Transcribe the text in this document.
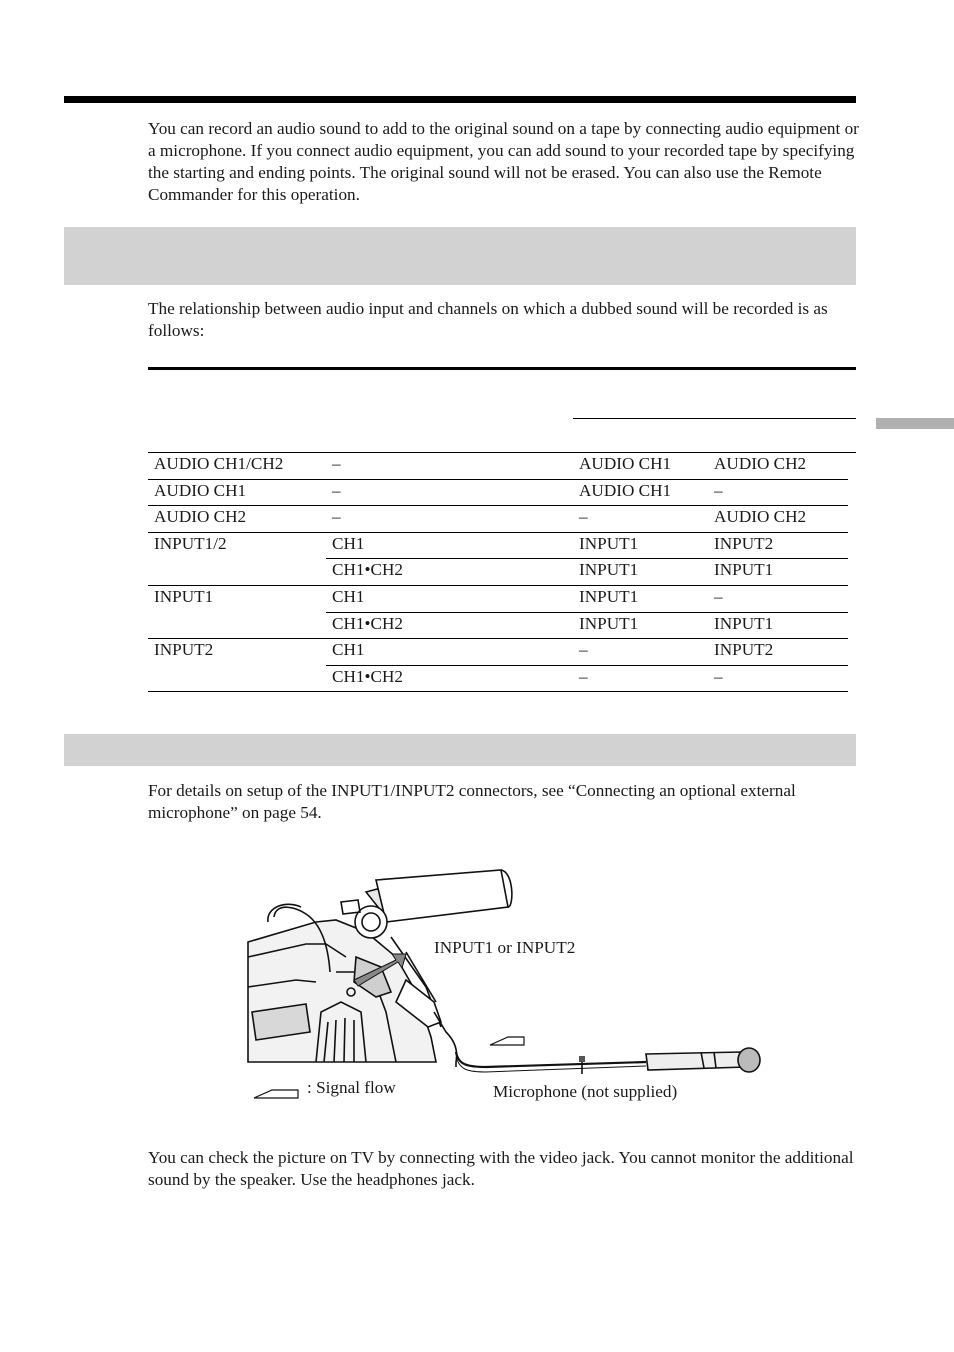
You can record an audio sound to add to the original sound on a tape by connecting audio equipment or a microphone. If you connect audio equipment, you can add sound to your recorded tape by specifying the starting and ending points. The original sound will not be erased. You can also use the Remote Commander for this operation.

The relationship between audio input and channels on which a dubbed sound will be recorded is as follows:

AUDIO CH1/CH2	–	AUDIO CH1	AUDIO CH2
AUDIO CH1	–	AUDIO CH1	–
AUDIO CH2	–	–	AUDIO CH2
INPUT1/2	CH1	INPUT1	INPUT2
	CH1•CH2	INPUT1	INPUT1
INPUT1	CH1	INPUT1	–
	CH1•CH2	INPUT1	INPUT1
INPUT2	CH1	–	INPUT2
	CH1•CH2	–	–

For details on setup of the INPUT1/INPUT2 connectors, see “Connecting an optional external microphone” on page 54.

INPUT1 or INPUT2
: Signal flow	Microphone (not supplied)

You can check the picture on TV by connecting with the video jack. You cannot monitor the additional sound by the speaker. Use the headphones jack.
